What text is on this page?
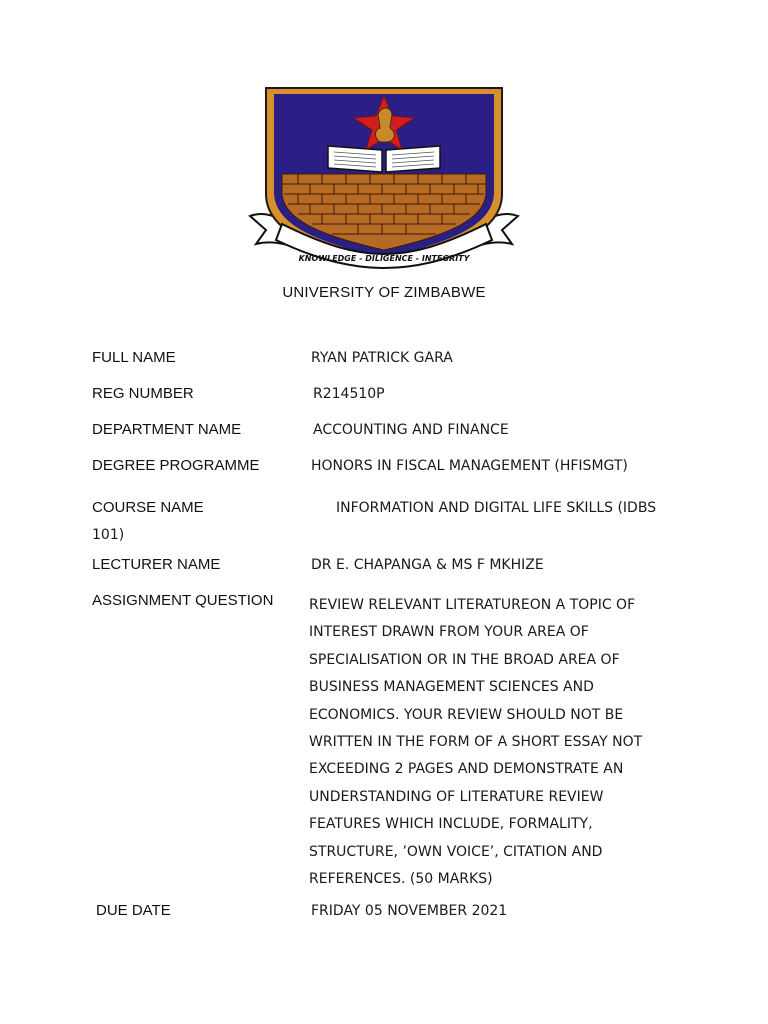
KNOWLEDGE - DILIGENCE - INTEGRITY
UNIVERSITY OF ZIMBABWE
FULL NAME	RYAN PATRICK GARA
REG NUMBER	R214510P
DEPARTMENT NAME	ACCOUNTING AND FINANCE
DEGREE PROGRAMME	HONORS IN FISCAL MANAGEMENT (HFISMGT)
COURSE NAME	INFORMATION AND DIGITAL LIFE SKILLS (IDBS
101)
LECTURER NAME	DR E. CHAPANGA & MS F MKHIZE
ASSIGNMENT QUESTION	REVIEW RELEVANT LITERATUREON A TOPIC OF
INTEREST DRAWN FROM YOUR AREA OF
SPECIALISATION OR IN THE BROAD AREA OF
BUSINESS MANAGEMENT SCIENCES AND
ECONOMICS. YOUR REVIEW SHOULD NOT BE
WRITTEN IN THE FORM OF A SHORT ESSAY NOT
EXCEEDING 2 PAGES AND DEMONSTRATE AN
UNDERSTANDING OF LITERATURE REVIEW
FEATURES WHICH INCLUDE, FORMALITY,
STRUCTURE, ’OWN VOICE’, CITATION AND
REFERENCES. (50 MARKS)
DUE DATE	FRIDAY 05 NOVEMBER 2021
